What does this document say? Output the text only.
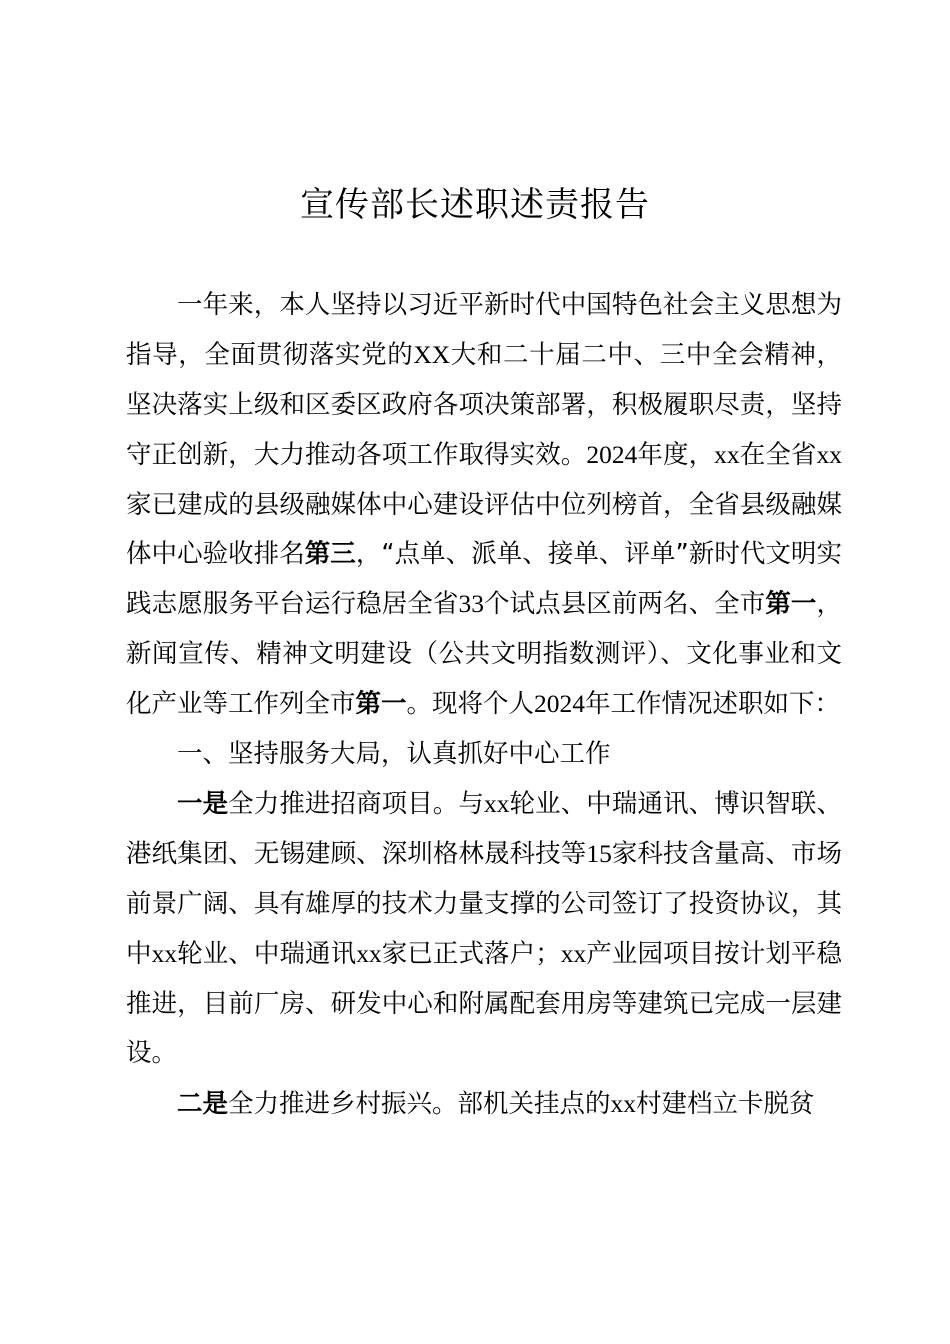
宣传部长述职述责报告

一年来，本人坚持以习近平新时代中国特色社会主义思想为指导，全面贯彻落实党的XX大和二十届二中、三中全会精神，坚决落实上级和区委区政府各项决策部署，积极履职尽责，坚持守正创新，大力推动各项工作取得实效。2024年度，xx在全省xx家已建成的县级融媒体中心建设评估中位列榜首，全省县级融媒体中心验收排名第三，“点单、派单、接单、评单”新时代文明实践志愿服务平台运行稳居全省33个试点县区前两名、全市第一，新闻宣传、精神文明建设（公共文明指数测评）、文化事业和文化产业等工作列全市第一。现将个人2024年工作情况述职如下：

一、坚持服务大局，认真抓好中心工作

一是全力推进招商项目。与xx轮业、中瑞通讯、博识智联、港纸集团、无锡建顾、深圳格林晟科技等15家科技含量高、市场前景广阔、具有雄厚的技术力量支撑的公司签订了投资协议，其中xx轮业、中瑞通讯xx家已正式落户；xx产业园项目按计划平稳推进，目前厂房、研发中心和附属配套用房等建筑已完成一层建设。

二是全力推进乡村振兴。部机关挂点的xx村建档立卡脱贫
